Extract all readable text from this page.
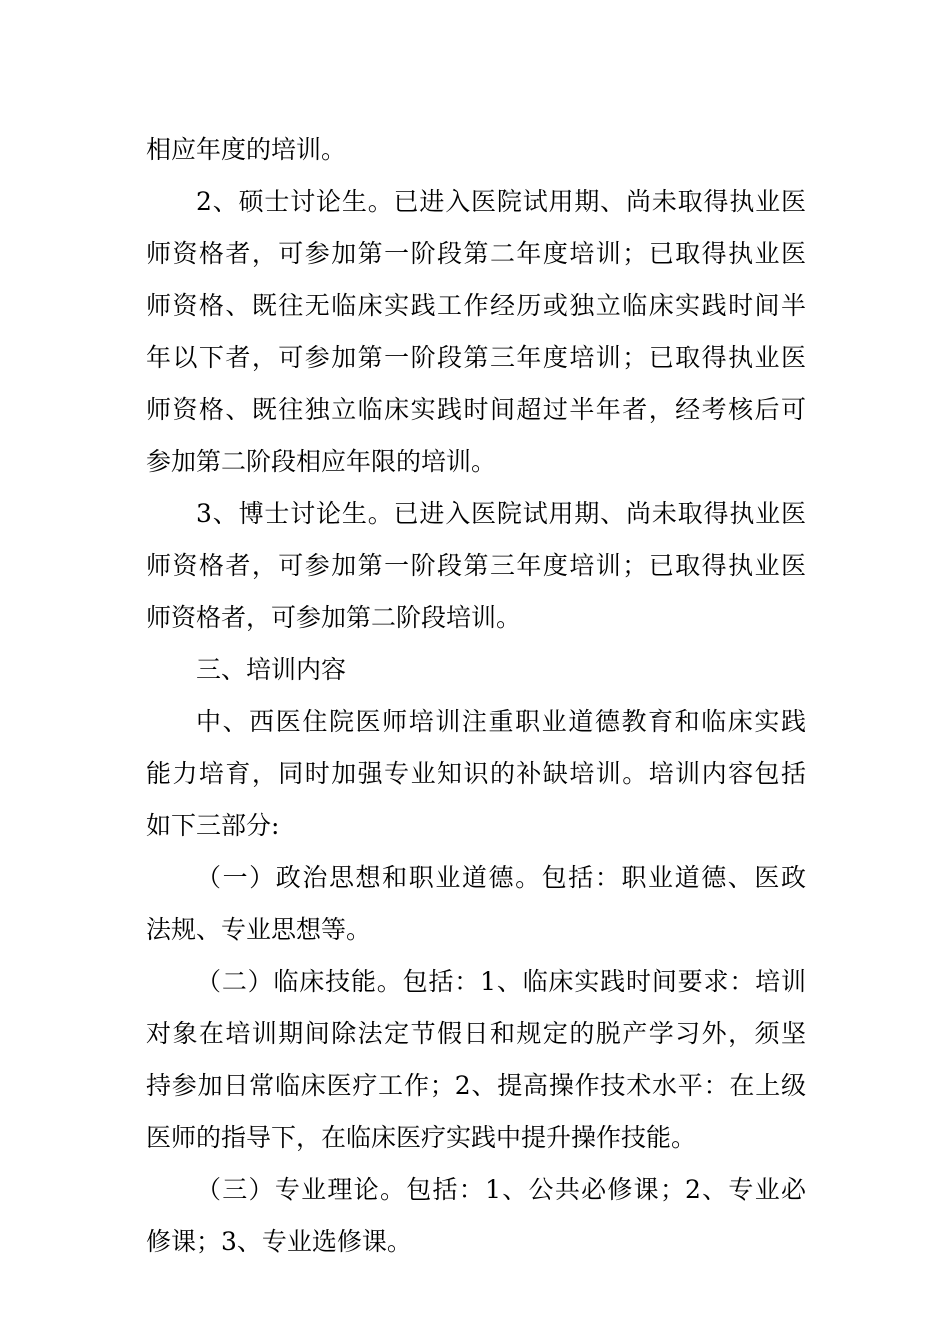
相应年度的培训。
2、硕士讨论生。已进入医院试用期、尚未取得执业医
师资格者，可参加第一阶段第二年度培训；已取得执业医
师资格、既往无临床实践工作经历或独立临床实践时间半
年以下者，可参加第一阶段第三年度培训；已取得执业医
师资格、既往独立临床实践时间超过半年者，经考核后可
参加第二阶段相应年限的培训。
3、博士讨论生。已进入医院试用期、尚未取得执业医
师资格者，可参加第一阶段第三年度培训；已取得执业医
师资格者，可参加第二阶段培训。
三、培训内容
中、西医住院医师培训注重职业道德教育和临床实践
能力培育，同时加强专业知识的补缺培训。培训内容包括
如下三部分:
（一）政治思想和职业道德。包括：职业道德、医政
法规、专业思想等。
（二）临床技能。包括：1、临床实践时间要求：培训
对象在培训期间除法定节假日和规定的脱产学习外，须坚
持参加日常临床医疗工作；2、提高操作技术水平：在上级
医师的指导下，在临床医疗实践中提升操作技能。
（三）专业理论。包括：1、公共必修课；2、专业必
修课；3、专业选修课。
